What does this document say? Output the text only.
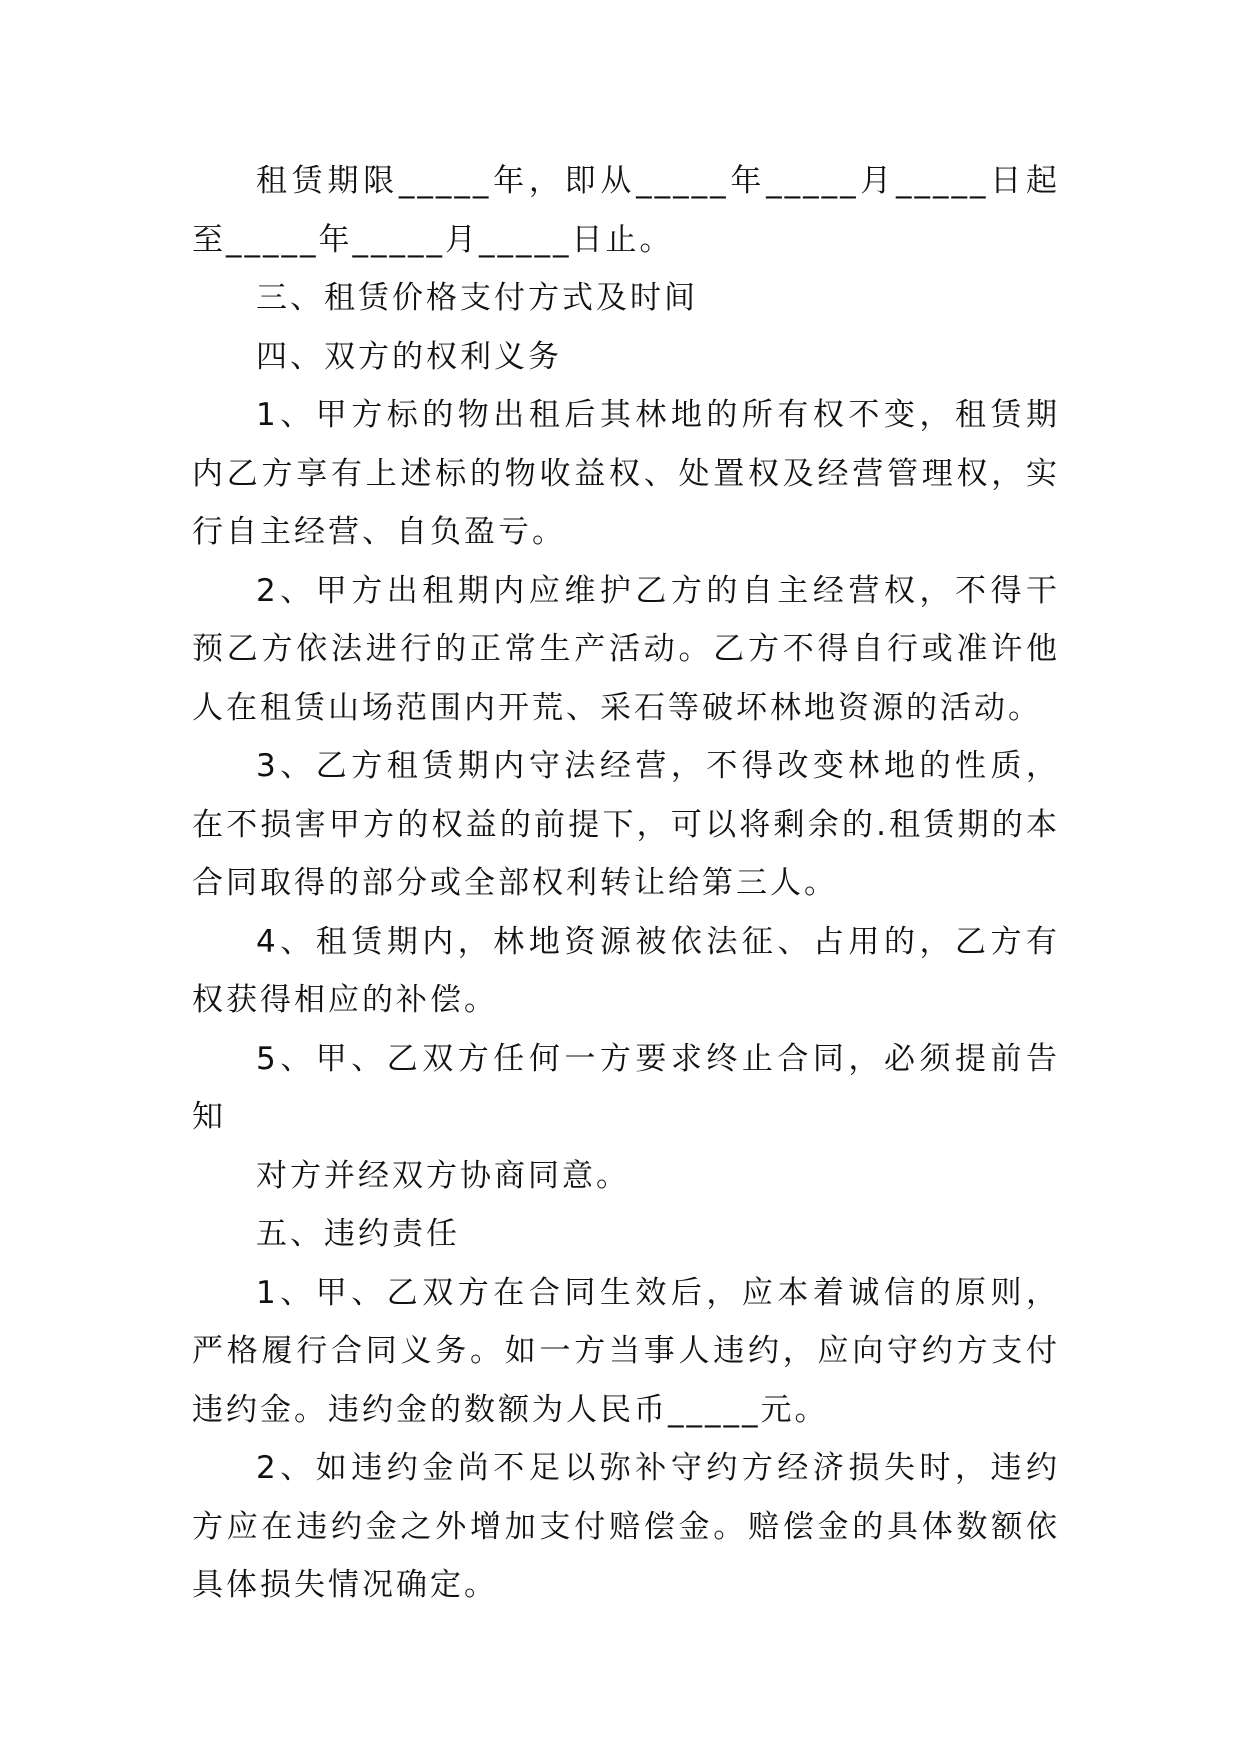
租赁期限_____年，即从_____年_____月_____日起至_____年_____月_____日止。

三、租赁价格支付方式及时间

四、双方的权利义务

1、甲方标的物出租后其林地的所有权不变，租赁期内乙方享有上述标的物收益权、处置权及经营管理权，实行自主经营、自负盈亏。

2、甲方出租期内应维护乙方的自主经营权，不得干预乙方依法进行的正常生产活动。乙方不得自行或准许他人在租赁山场范围内开荒、采石等破坏林地资源的活动。

3、乙方租赁期内守法经营，不得改变林地的性质，在不损害甲方的权益的前提下，可以将剩余的.租赁期的本合同取得的部分或全部权利转让给第三人。

4、租赁期内，林地资源被依法征、占用的，乙方有权获得相应的补偿。

5、甲、乙双方任何一方要求终止合同，必须提前告知

对方并经双方协商同意。

五、违约责任

1、甲、乙双方在合同生效后，应本着诚信的原则，严格履行合同义务。如一方当事人违约，应向守约方支付违约金。违约金的数额为人民币_____元。

2、如违约金尚不足以弥补守约方经济损失时，违约方应在违约金之外增加支付赔偿金。赔偿金的具体数额依具体损失情况确定。
